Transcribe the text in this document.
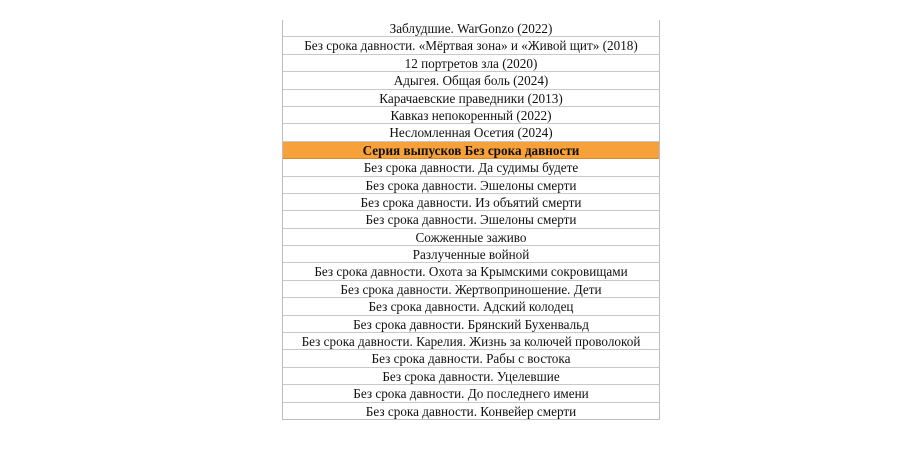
Заблудшие. WarGonzo (2022)
Без срока давности. «Мёртвая зона» и «Живой щит» (2018)
12 портретов зла (2020)
Адыгея. Общая боль (2024)
Карачаевские праведники (2013)
Кавказ непокоренный (2022)
Несломленная Осетия (2024)
Серия выпусков Без срока давности
Без срока давности. Да судимы будете
Без срока давности. Эшелоны смерти
Без срока давности. Из объятий смерти
Без срока давности. Эшелоны смерти
Сожженные заживо
Разлученные войной
Без срока давности. Охота за Крымскими сокровищами
Без срока давности. Жертвоприношение. Дети
Без срока давности. Адский колодец
Без срока давности. Брянский Бухенвальд
Без срока давности. Карелия. Жизнь за колючей проволокой
Без срока давности. Рабы с востока
Без срока давности. Уцелевшие
Без срока давности. До последнего имени
Без срока давности. Конвейер смерти
